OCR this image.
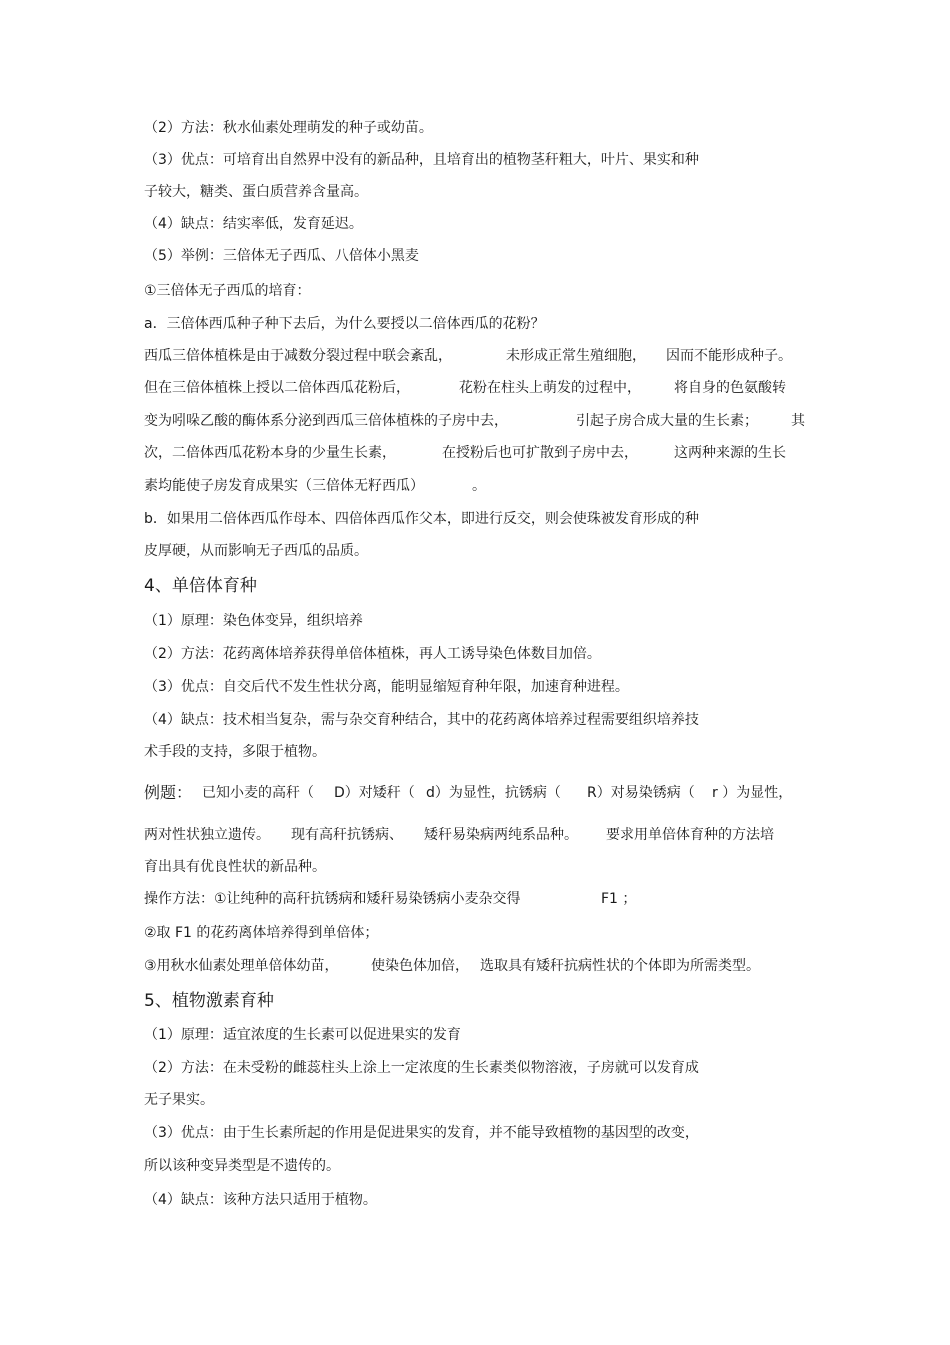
（2）方法：秋水仙素处理萌发的种子或幼苗。
（3）优点：可培育出自然界中没有的新品种，且培育出的植物茎秆粗大，叶片、果实和种
子较大，糖类、蛋白质营养含量高。
（4）缺点：结实率低，发育延迟。
（5）举例：三倍体无子西瓜、八倍体小黑麦
①三倍体无子西瓜的培育：
a．三倍体西瓜种子种下去后，为什么要授以二倍体西瓜的花粉？

西瓜三倍体植株是由于减数分裂过程中联会紊乱，

	未形成正常生殖细胞，

因而不能形成种子。

但在三倍体植株上授以二倍体西瓜花粉后，

	花粉在柱头上萌发的过程中，

将自身的色氨酸转

变为吲哚乙酸的酶体系分泌到西瓜三倍体植株的子房中去，

	引起子房合成大量的生长素；

其

次，二倍体西瓜花粉本身的少量生长素，

	在授粉后也可扩散到子房中去，

	这两种来源的生长

素均能使子房发育成果实（三倍体无籽西瓜）

	。

b．如果用二倍体西瓜作母本、四倍体西瓜作父本，即进行反交，则会使珠被发育形成的种
皮厚硬，从而影响无子西瓜的品质。
4、单倍体育种
（1）原理：染色体变异，组织培养
（2）方法：花药离体培养获得单倍体植株，再人工诱导染色体数目加倍。
（3）优点：自交后代不发生性状分离，能明显缩短育种年限，加速育种进程。
（4）缺点：技术相当复杂，需与杂交育种结合，其中的花药离体培养过程需要组织培养技
术手段的支持，多限于植物。

例题：

已知小麦的高秆（

D）对矮秆（

d）为显性，抗锈病（

R）对易染锈病（

r ）为显性，

两对性状独立遗传。

现有高秆抗锈病、

矮秆易染病两纯系品种。

要求用单倍体育种的方法培

育出具有优良性状的新品种。

操作方法：①让纯种的高秆抗锈病和矮秆易染锈病小麦杂交得

	F1 ；

②取 F1 的花药离体培养得到单倍体；

③用秋水仙素处理单倍体幼苗，

使染色体加倍，

选取具有矮秆抗病性状的个体即为所需类型。

5、植物激素育种
（1）原理：适宜浓度的生长素可以促进果实的发育
（2）方法：在未受粉的雌蕊柱头上涂上一定浓度的生长素类似物溶液，子房就可以发育成
无子果实。
（3）优点：由于生长素所起的作用是促进果实的发育，并不能导致植物的基因型的改变，
所以该种变异类型是不遗传的。
（4）缺点：该种方法只适用于植物。
